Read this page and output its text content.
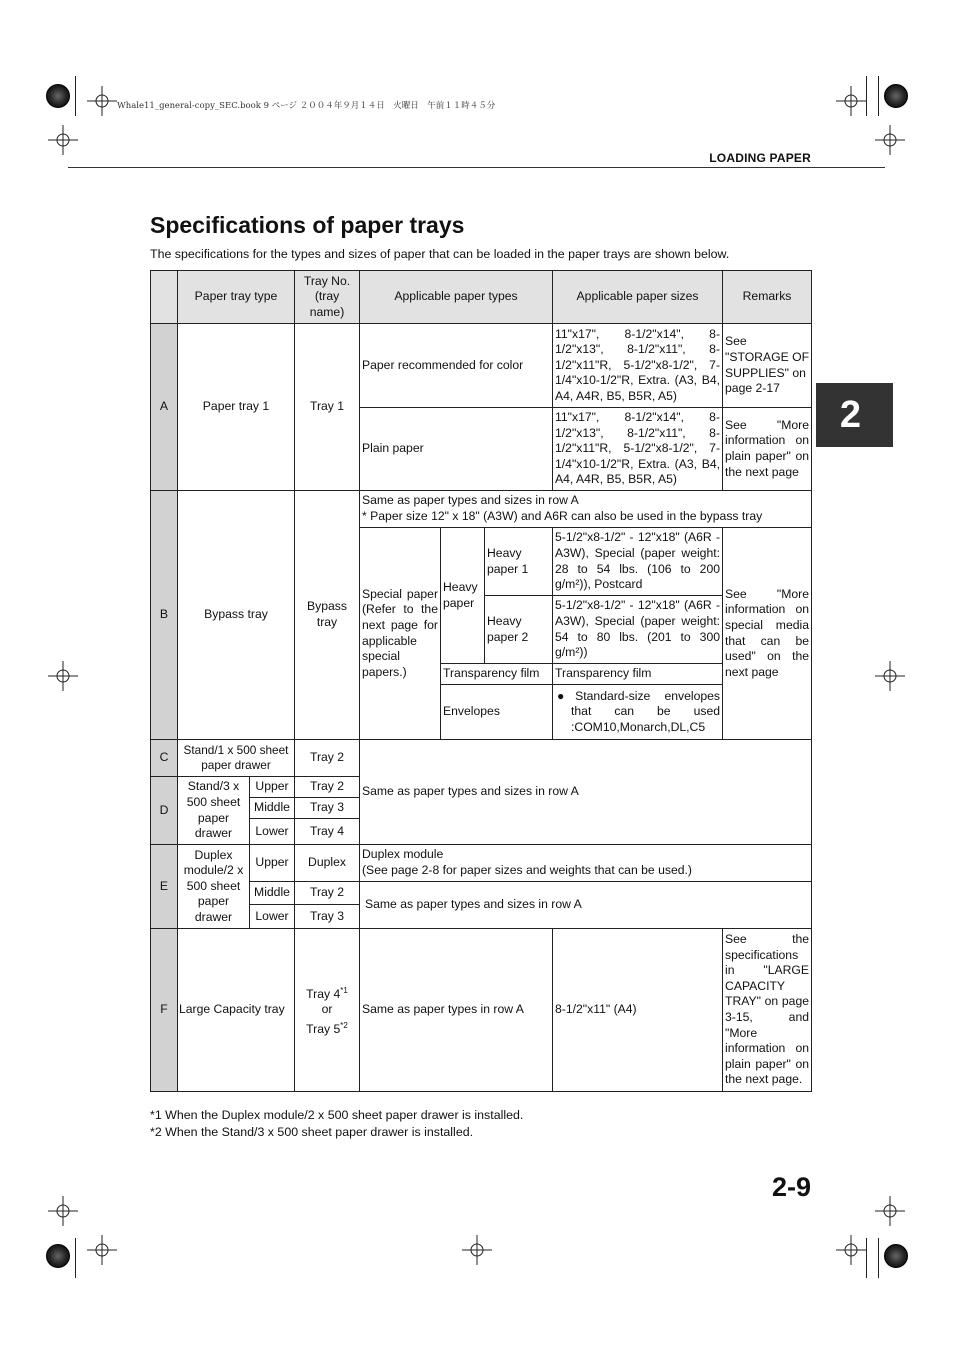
Whale11_general-copy_SEC.book 9 ページ ２００４年９月１４日　火曜日　午前１１時４５分
LOADING PAPER
Specifications of paper trays
The specifications for the types and sizes of paper that can be loaded in the paper trays are shown below.
2
	Paper tray type		Tray No. (tray name)	Applicable paper types			Applicable paper sizes	Remarks
A	Paper tray 1		Tray 1	Paper recommended for color			11"x17", 8-1/2"x14", 8-1/2"x13", 8-1/2"x11", 8-1/2"x11"R, 5-1/2"x8-1/2", 7-1/4"x10-1/2"R, Extra. (A3, B4, A4, A4R, B5, B5R, A5)	See "STORAGE OF SUPPLIES" on page 2-17
				Plain paper			11"x17", 8-1/2"x14", 8-1/2"x13", 8-1/2"x11", 8-1/2"x11"R, 5-1/2"x8-1/2", 7-1/4"x10-1/2"R, Extra. (A3, B4, A4, A4R, B5, B5R, A5)	See "More information on plain paper" on the next page
B	Bypass tray		Bypass tray	Same as paper types and sizes in row A
* Paper size 12" x 18" (A3W) and A6R can also be used in the bypass tray				

				Special paper (Refer to the next page for applicable special papers.)	Heavy paper	Heavy paper 1	5-1/2"x8-1/2" - 12"x18" (A6R - A3W), Special (paper weight: 28 to 54 lbs. (106 to 200 g/m²)), Postcard	See "More information on special media that can be used" on the next page
						Heavy paper 2	5-1/2"x8-1/2" - 12"x18" (A6R - A3W), Special (paper weight: 54 to 80 lbs. (201 to 300 g/m²))	
					Transparency film		Transparency film	
					Envelopes		●Standard-size envelopes that can be used :COM10,Monarch,DL,C5	
C	Stand/1 x 500 sheet paper drawer		Tray 2	Same as paper types and sizes in row A				
D	Stand/3 x 500 sheet paper drawer	Upper	Tray 2					
		Middle	Tray 3					
		Lower	Tray 4					
E	Duplex module/2 x 500 sheet paper drawer	Upper	Duplex	Duplex module
(See page 2-8 for paper sizes and weights that can be used.)				

		Middle	Tray 2	Same as paper types and sizes in row A				
		Lower	Tray 3					
F	Large Capacity tray		Tray 4$^{*1}$
or
Tray 5$^{*2}$	Same as paper types in row A			8-1/2"x11" (A4)	See the specifications in "LARGE CAPACITY TRAY" on page 3-15, and "More information on plain paper" on the next page.
*1 When the Duplex module/2 x 500 sheet paper drawer is installed.
*2 When the Stand/3 x 500 sheet paper drawer is installed.
2-9
